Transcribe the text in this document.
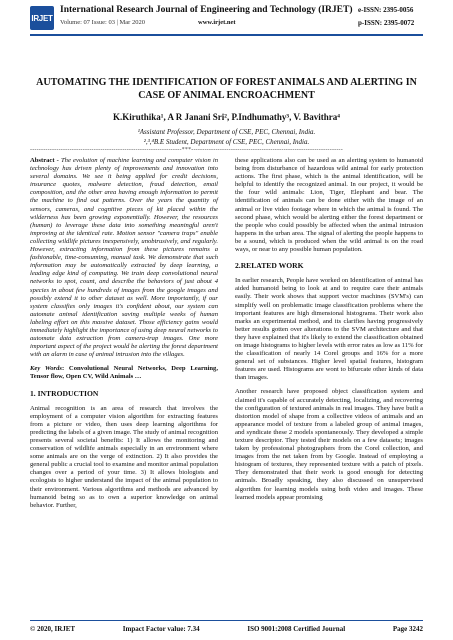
IRJET
International Research Journal of Engineering and Technology (IRJET)
Volume: 07 Issue: 03 | Mar 2020	www.irjet.net
e-ISSN: 2395-0056
p-ISSN: 2395-0072
AUTOMATING THE IDENTIFICATION OF FOREST ANIMALS AND ALERTING IN CASE OF ANIMAL ENCROACHMENT
K.Kiruthika¹, A R Janani Sri², P.Indhumathy³, V. Bavithra⁴
¹Assistant Professor, Department of CSE, PEC, Chennai, India.
²,³,⁴B.E Student, Department of CSE, PEC, Chennai, India.
---------------------------------------------------------------------***---------------------------------------------------------------------

Abstract - The evolution of machine learning and computer vision in technology has driven plenty of improvements and innovation into several domains. We see it being applied for credit decisions, insurance quotes, malware detection, fraud detection, email composition, and the other area having enough information to permit the machine to find out patterns. Over the years the quantity of sensors, cameras, and cognitive pieces of kit placed within the wilderness has been growing exponentially. However, the resources (human) to leverage these data into something meaningful aren't improving at the identical rate. Motion sensor "camera traps" enable collecting wildlife pictures inexpensively, unobtrusively, and regularly. However, extracting information from these pictures remains a fashionable, time-consuming, manual task. We demonstrate that such information may be automatically extracted by deep learning, a leading edge kind of computing. We train deep convolutional neural networks to spot, count, and describe the behaviors of just about 4 species in about few hundreds of images from the google images and possibly extend it to other dataset as well. More importantly, if our system classifies only images it's confident about, our system can automate animal identification saving multiple weeks of human labeling effort on this massive dataset. Those efficiency gains would immediately highlight the importance of using deep neural networks to automate data extraction from camera-trap images. One more important aspect of the project would be alerting the forest department with an alarm in case of animal intrusion into the villages.

Key Words: Convolutional Neural Networks, Deep Learning, Tensor flow, Open CV, Wild Animals …

1. INTRODUCTION

Animal recognition is an area of research that involves the employment of a computer vision algorithm for extracting features from a picture or video, then uses deep learning algorithms for predicting the labels of a given image. The study of animal recognition presents several societal benefits: 1) It allows the monitoring and conservation of wildlife animals especially in an environment where some animals are on the verge of extinction. 2) It also provides the general public a crucial tool to examine and monitor animal population changes over a period of your time. 3) It allows biologists and ecologists to higher understand the impact of the animal population to their environment. Various algorithms and methods are advanced by humanoid being so as to own a superior knowledge on animal behavior. Further,

these applications also can be used as an alerting system to humanoid being from disturbance of hazardous wild animal for early protection actions. The first phase, which is the animal identification, will be helpful to identify the recognized animal. In our project, it would be the four wild animals: Lion, Tiger, Elephant and bear. The identification of animals can be done either with the image of an animal or live video footage where in which the animal is found. The second phase, which would be alerting either the forest department or the people who could possibly be affected when the animal intrusion happens in the urban area. The signal of alerting the people happens to be a sound, which is produced when the wild animal is on the road ways, or near to any possible human population.

2.RELATED WORK

In earlier research, People have worked on Identification of animal has aided humanoid being to look at and to require care their animals easily. Their work shows that support vector machines (SVM's) can simplify well on problematic image classification problems where the important features are high dimensional histograms. Their work also marks an experimental method, and its clarifies having progressively better results gotten over alterations to the SVM architecture and that they have explained that it's likely to extend the classification obtained on image histograms to higher levels with error rates as low as 11% for the classification of nearly 14 Corel groups and 16% for a more general set of substances. Higher level spatial features, histogram features are used. Histograms are wont to bifurcate other kinds of data than images.

Another research have proposed object classification system and claimed it's capable of accurately detecting, localizing, and recovering the configuration of textured animals in real images. They have built a distortion model of shape from a collective videos of animals and an appearance model of texture from a labeled group of animal images, and syndicate these 2 models spontaneously. They developed a simple texture descriptor. They tested their models on a few datasets; images taken by professional photographers from the Corel collection, and images from the net taken from by Google. Instead of employing a histogram of textures, they represented texture with a patch of pixels. They demonstrated that their work is good enough for detecting animals. Broadly speaking, they also discussed on unsupervised algorithm for learning models using both video and images. These learned models appear promising

© 2020, IRJET	Impact Factor value: 7.34	ISO 9001:2008 Certified Journal	Page 3242
